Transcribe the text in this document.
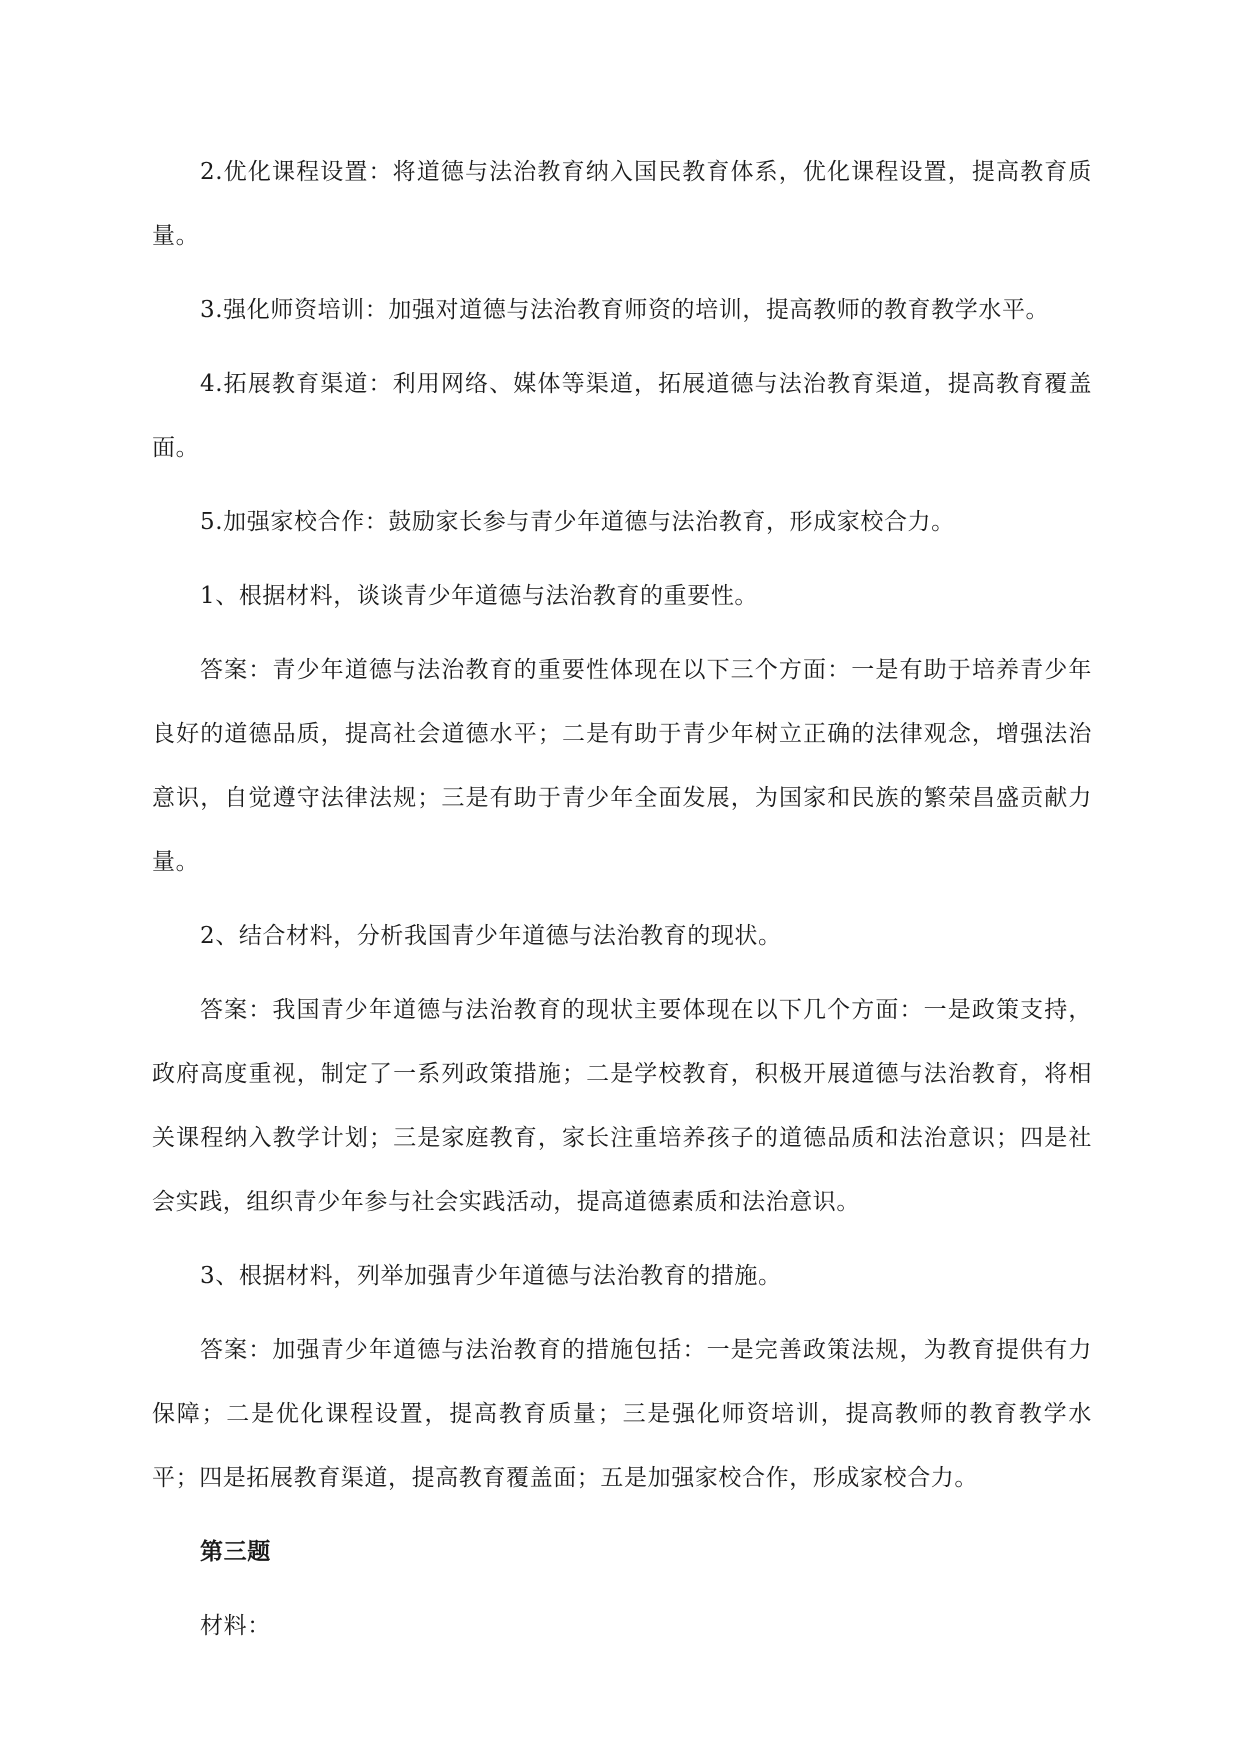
2.优化课程设置：将道德与法治教育纳入国民教育体系，优化课程设置，提高教育质量。

3.强化师资培训：加强对道德与法治教育师资的培训，提高教师的教育教学水平。

4.拓展教育渠道：利用网络、媒体等渠道，拓展道德与法治教育渠道，提高教育覆盖面。

5.加强家校合作：鼓励家长参与青少年道德与法治教育，形成家校合力。

1、根据材料，谈谈青少年道德与法治教育的重要性。

答案：青少年道德与法治教育的重要性体现在以下三个方面：一是有助于培养青少年良好的道德品质，提高社会道德水平；二是有助于青少年树立正确的法律观念，增强法治意识，自觉遵守法律法规；三是有助于青少年全面发展，为国家和民族的繁荣昌盛贡献力量。

2、结合材料，分析我国青少年道德与法治教育的现状。

答案：我国青少年道德与法治教育的现状主要体现在以下几个方面：一是政策支持，政府高度重视，制定了一系列政策措施；二是学校教育，积极开展道德与法治教育，将相关课程纳入教学计划；三是家庭教育，家长注重培养孩子的道德品质和法治意识；四是社会实践，组织青少年参与社会实践活动，提高道德素质和法治意识。

3、根据材料，列举加强青少年道德与法治教育的措施。

答案：加强青少年道德与法治教育的措施包括：一是完善政策法规，为教育提供有力保障；二是优化课程设置，提高教育质量；三是强化师资培训，提高教师的教育教学水平；四是拓展教育渠道，提高教育覆盖面；五是加强家校合作，形成家校合力。

第三题

材料：
